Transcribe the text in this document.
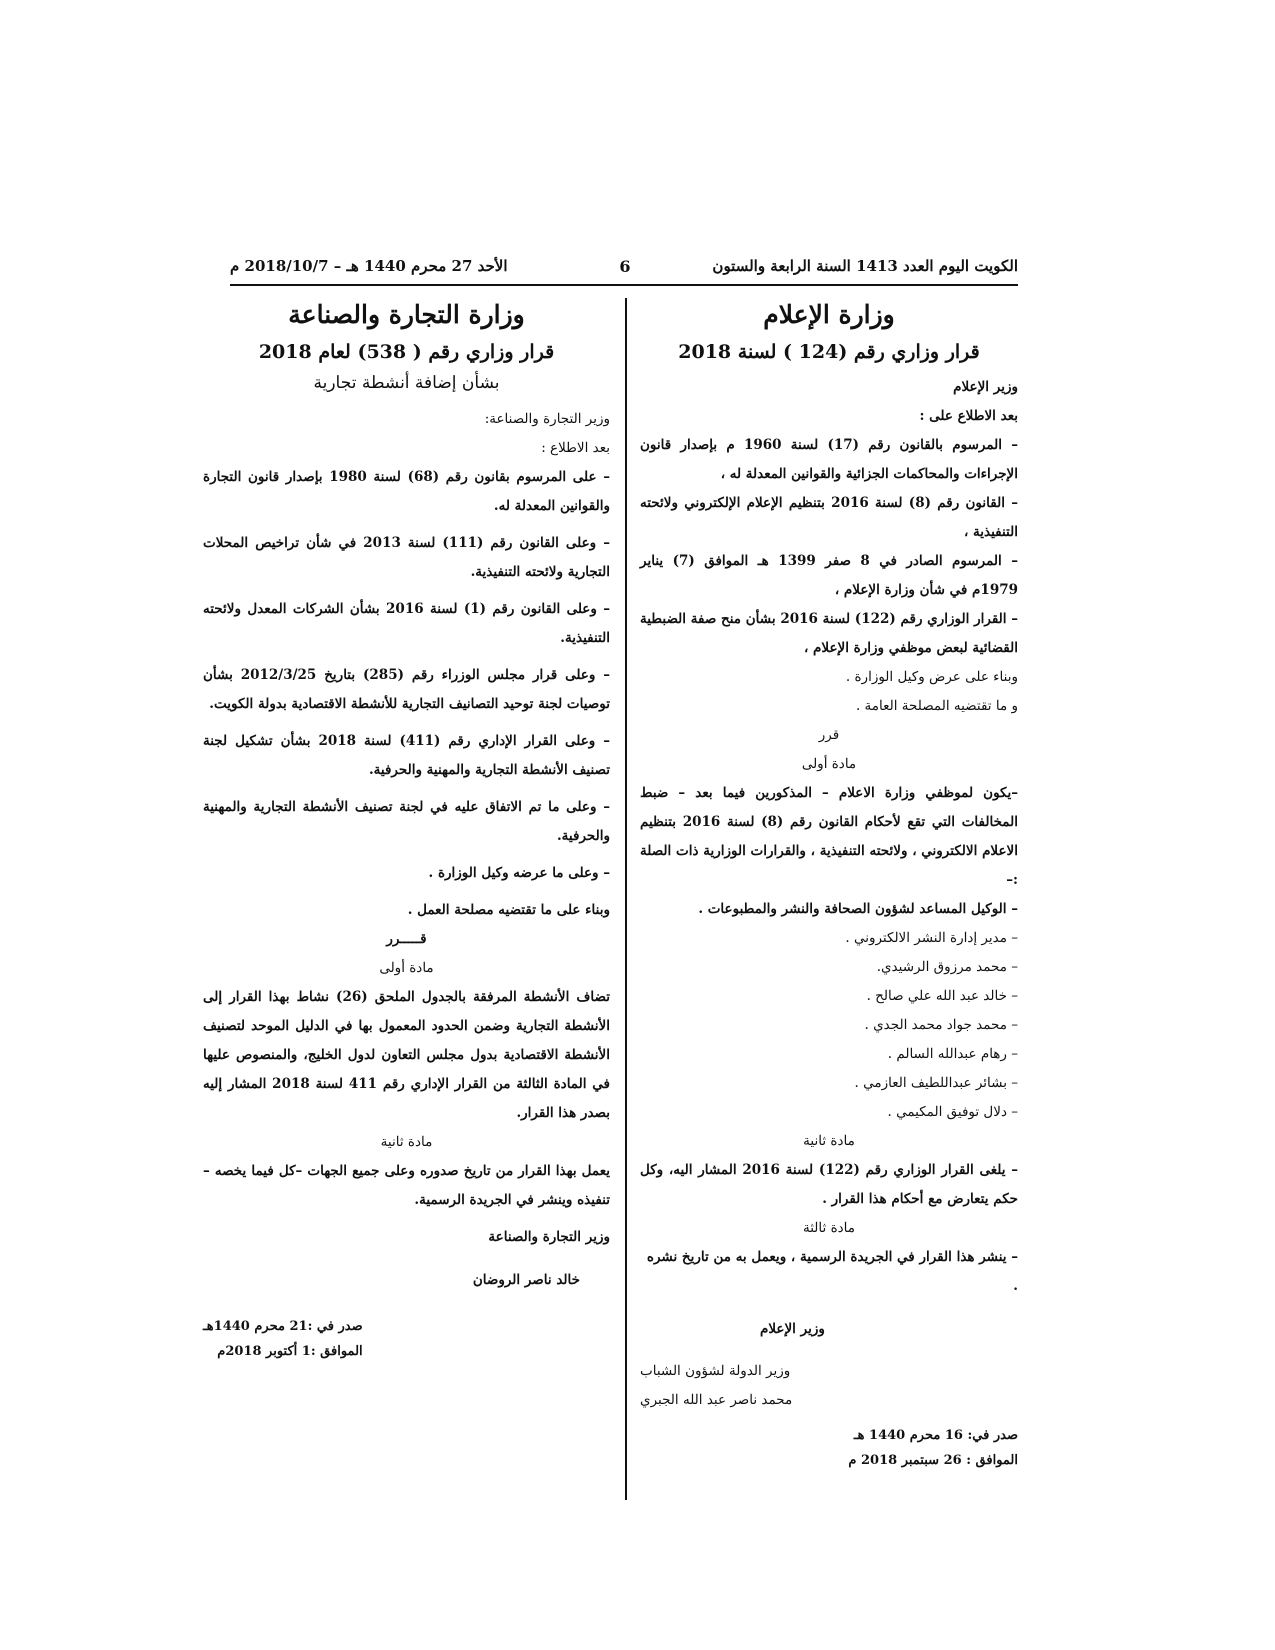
الكويت اليوم العدد 1413 السنة الرابعة والستون
6
الأحد 27 محرم 1440 هـ – 2018/10/7 م
وزارة الإعلام
قرار وزاري رقم (124 ) لسنة 2018

وزير الإعلام

بعد الاطلاع على :

– المرسوم بالقانون رقم (17) لسنة 1960 م بإصدار قانون الإجراءات والمحاكمات الجزائية والقوانين المعدلة له ،

– القانون رقم (8) لسنة 2016 بتنظيم الإعلام الإلكتروني ولائحته التنفيذية ،

– المرسوم الصادر في 8 صفر 1399 هـ الموافق (7) يناير 1979م في شأن وزارة الإعلام ،

– القرار الوزاري رقم (122) لسنة 2016 بشأن منح صفة الضبطية القضائية لبعض موظفي وزارة الإعلام ،

وبناء على عرض وكيل الوزارة .

و ما تقتضيه المصلحة العامة .

قرر

مادة أولى

–يكون لموظفي وزارة الاعلام – المذكورين فيما بعد – ضبط المخالفات التي تقع لأحكام القانون رقم (8) لسنة 2016 بتنظيم الاعلام الالكتروني ، ولائحته التنفيذية ، والقرارات الوزارية ذات الصلة :–

– الوكيل المساعد لشؤون الصحافة والنشر والمطبوعات .

– مدير إدارة النشر الالكتروني .

– محمد مرزوق الرشيدي.

– خالد عبد الله علي صالح .

– محمد جواد محمد الجدي .

– رهام عبدالله السالم .

– بشائر عبداللطيف العازمي .

– دلال توفيق المكيمي .

مادة ثانية

– يلغى القرار الوزاري رقم (122) لسنة 2016 المشار اليه، وكل حكم يتعارض مع أحكام هذا القرار .

مادة ثالثة

– ينشر هذا القرار في الجريدة الرسمية ، ويعمل به من تاريخ نشره .

وزير الإعلام

وزير الدولة لشؤون الشباب

محمد ناصر عبد الله الجبري

صدر في: 16 محرم 1440 هـ
الموافق : 26 سبتمبر 2018 م
وزارة التجارة والصناعة
قرار وزاري رقم ( 538) لعام 2018
بشأن إضافة أنشطة تجارية

وزير التجارة والصناعة:

بعد الاطلاع :

– على المرسوم بقانون رقم (68) لسنة 1980 بإصدار قانون التجارة والقوانين المعدلة له.

– وعلى القانون رقم (111) لسنة 2013 في شأن تراخيص المحلات التجارية ولائحته التنفيذية.

– وعلى القانون رقم (1) لسنة 2016 بشأن الشركات المعدل ولائحته التنفيذية.

– وعلى قرار مجلس الوزراء رقم (285) بتاريخ 2012/3/25 بشأن توصيات لجنة توحيد التصانيف التجارية للأنشطة الاقتصادية بدولة الكويت.

– وعلى القرار الإداري رقم (411) لسنة 2018 بشأن تشكيل لجنة تصنيف الأنشطة التجارية والمهنية والحرفية.

– وعلى ما تم الاتفاق عليه في لجنة تصنيف الأنشطة التجارية والمهنية والحرفية.

– وعلى ما عرضه وكيل الوزارة .

وبناء على ما تقتضيه مصلحة العمل .

قـــــرر

مادة أولى

تضاف الأنشطة المرفقة بالجدول الملحق (26) نشاط بهذا القرار إلى الأنشطة التجارية وضمن الحدود المعمول بها في الدليل الموحد لتصنيف الأنشطة الاقتصادية بدول مجلس التعاون لدول الخليج، والمنصوص عليها في المادة الثالثة من القرار الإداري رقم 411 لسنة 2018 المشار إليه بصدر هذا القرار.

مادة ثانية

يعمل بهذا القرار من تاريخ صدوره وعلى جميع الجهات –كل فيما يخصه – تنفيذه وينشر في الجريدة الرسمية.

وزير التجارة والصناعة

خالد ناصر الروضان

صدر في :21 محرم 1440هـ
الموافق :1 أكتوبر 2018م
